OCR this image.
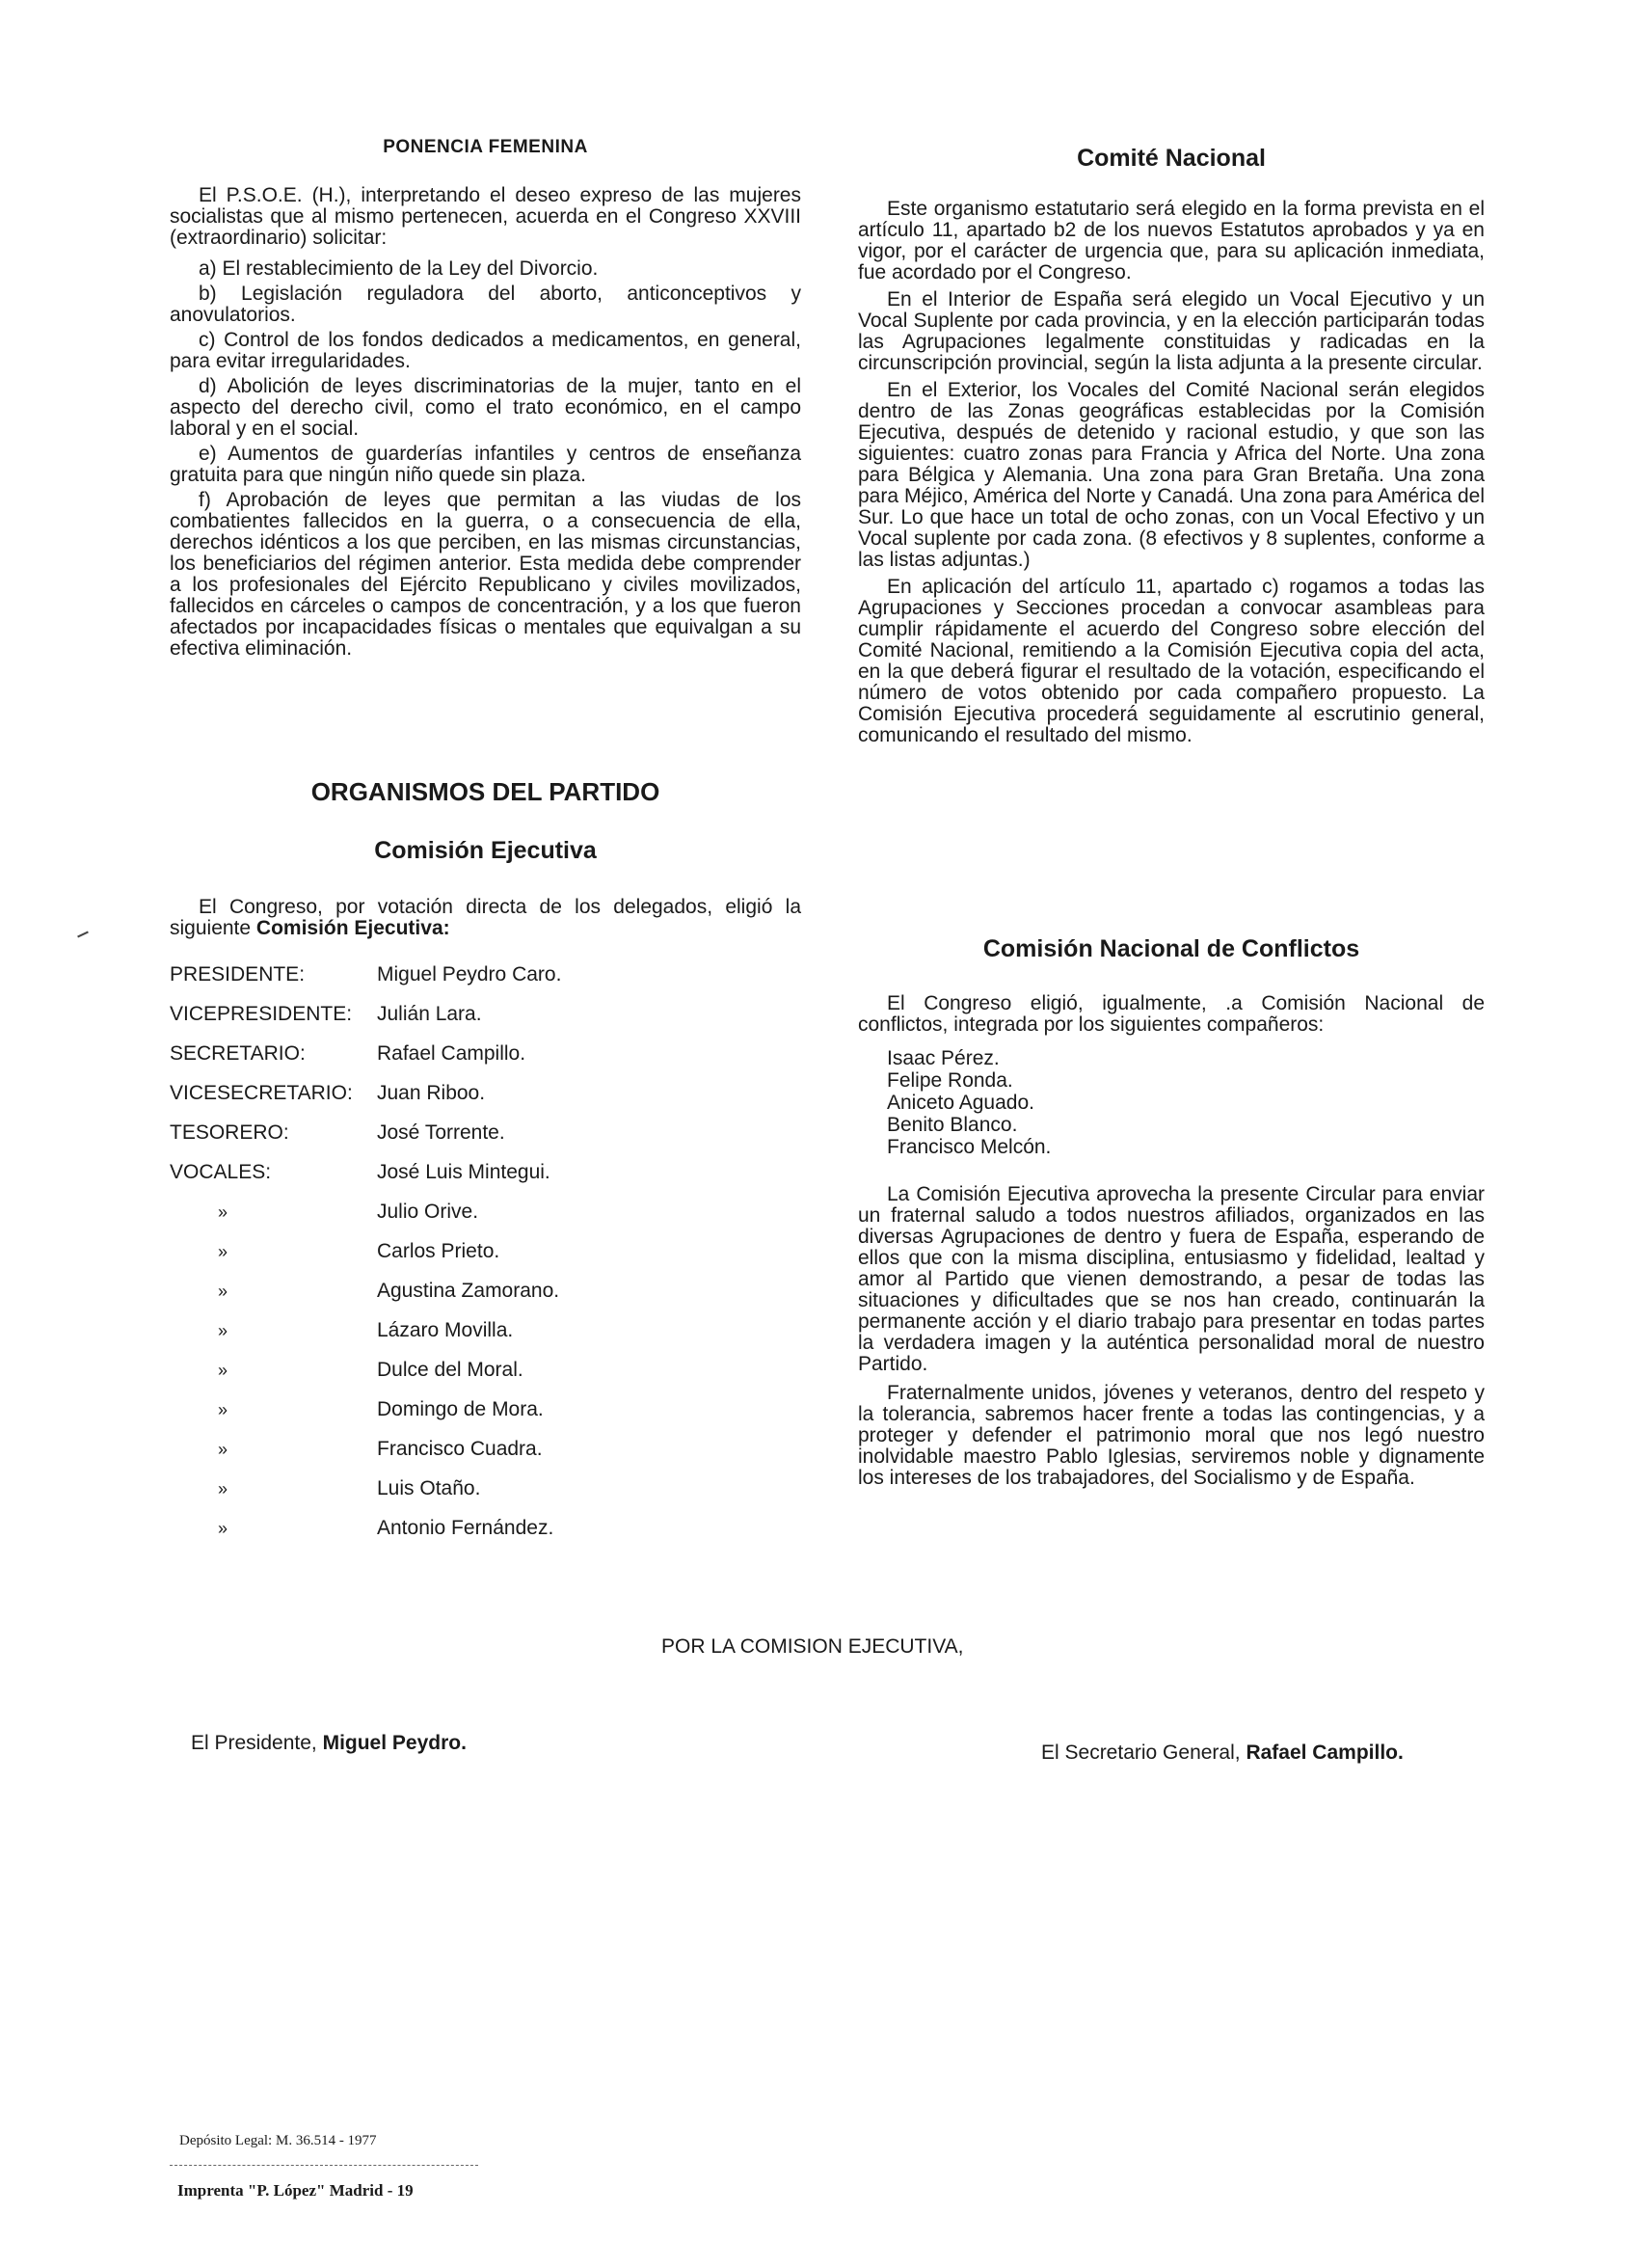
PONENCIA FEMENINA

El P.S.O.E. (H.), interpretando el deseo expreso de las mujeres socialistas que al mismo pertenecen, acuerda en el Congreso XXVIII (extraordinario) solicitar:

a) El restablecimiento de la Ley del Divorcio.

b) Legislación reguladora del aborto, anticonceptivos y anovulatorios.

c) Control de los fondos dedicados a medicamentos, en general, para evitar irregularidades.

d) Abolición de leyes discriminatorias de la mujer, tanto en el aspecto del derecho civil, como el trato económico, en el campo laboral y en el social.

e) Aumentos de guarderías infantiles y centros de enseñanza gratuita para que ningún niño quede sin plaza.

f) Aprobación de leyes que permitan a las viudas de los combatientes fallecidos en la guerra, o a consecuencia de ella, derechos idénticos a los que perciben, en las mismas circunstancias, los beneficiarios del régimen anterior. Esta medida debe comprender a los profesionales del Ejército Republicano y civiles movilizados, fallecidos en cárceles o campos de concentración, y a los que fueron afectados por incapacidades físicas o mentales que equivalgan a su efectiva eliminación.

ORGANISMOS DEL PARTIDO
Comisión Ejecutiva

El Congreso, por votación directa de los delegados, eligió la siguiente Comisión Ejecutiva:

PRESIDENTE:	Miguel Peydro Caro.
VICEPRESIDENTE: Julián Lara.
SECRETARIO:	Rafael Campillo.
VICESECRETARIO: Juan Riboo.
TESORERO:	José Torrente.
VOCALES:	José Luis Mintegui.
»	Julio Orive.
»	Carlos Prieto.
»	Agustina Zamorano.
»	Lázaro Movilla.
»	Dulce del Moral.
»	Domingo de Mora.
»	Francisco Cuadra.
»	Luis Otaño.
»	Antonio Fernández.
Comité Nacional

Este organismo estatutario será elegido en la forma prevista en el artículo 11, apartado b2 de los nuevos Estatutos aprobados y ya en vigor, por el carácter de urgencia que, para su aplicación inmediata, fue acordado por el Congreso.

En el Interior de España será elegido un Vocal Ejecutivo y un Vocal Suplente por cada provincia, y en la elección participarán todas las Agrupaciones legalmente constituidas y radicadas en la circunscripción provincial, según la lista adjunta a la presente circular.

En el Exterior, los Vocales del Comité Nacional serán elegidos dentro de las Zonas geográficas establecidas por la Comisión Ejecutiva, después de detenido y racional estudio, y que son las siguientes: cuatro zonas para Francia y Africa del Norte. Una zona para Bélgica y Alemania. Una zona para Gran Bretaña. Una zona para Méjico, América del Norte y Canadá. Una zona para América del Sur. Lo que hace un total de ocho zonas, con un Vocal Efectivo y un Vocal suplente por cada zona. (8 efectivos y 8 suplentes, conforme a las listas adjuntas.)

En aplicación del artículo 11, apartado c) rogamos a todas las Agrupaciones y Secciones procedan a convocar asambleas para cumplir rápidamente el acuerdo del Congreso sobre elección del Comité Nacional, remitiendo a la Comisión Ejecutiva copia del acta, en la que deberá figurar el resultado de la votación, especificando el número de votos obtenido por cada compañero propuesto. La Comisión Ejecutiva procederá seguidamente al escrutinio general, comunicando el resultado del mismo.

Comisión Nacional de Conflictos

El Congreso eligió, igualmente, .a Comisión Nacional de conflictos, integrada por los siguientes compañeros:

Isaac Pérez.

Felipe Ronda.

Aniceto Aguado.

Benito Blanco.

Francisco Melcón.

La Comisión Ejecutiva aprovecha la presente Circular para enviar un fraternal saludo a todos nuestros afiliados, organizados en las diversas Agrupaciones de dentro y fuera de España, esperando de ellos que con la misma disciplina, entusiasmo y fidelidad, lealtad y amor al Partido que vienen demostrando, a pesar de todas las situaciones y dificultades que se nos han creado, continuarán la permanente acción y el diario trabajo para presentar en todas partes la verdadera imagen y la auténtica personalidad moral de nuestro Partido.

Fraternalmente unidos, jóvenes y veteranos, dentro del respeto y la tolerancia, sabremos hacer frente a todas las contingencias, y a proteger y defender el patrimonio moral que nos legó nuestro inolvidable maestro Pablo Iglesias, serviremos noble y dignamente los intereses de los trabajadores, del Socialismo y de España.

POR LA COMISION EJECUTIVA,
El Presidente, Miguel Peydro.	El Secretario General, Rafael Campillo.
Depósito Legal: M. 36.514 - 1977
Imprenta "P. López" Madrid - 19
